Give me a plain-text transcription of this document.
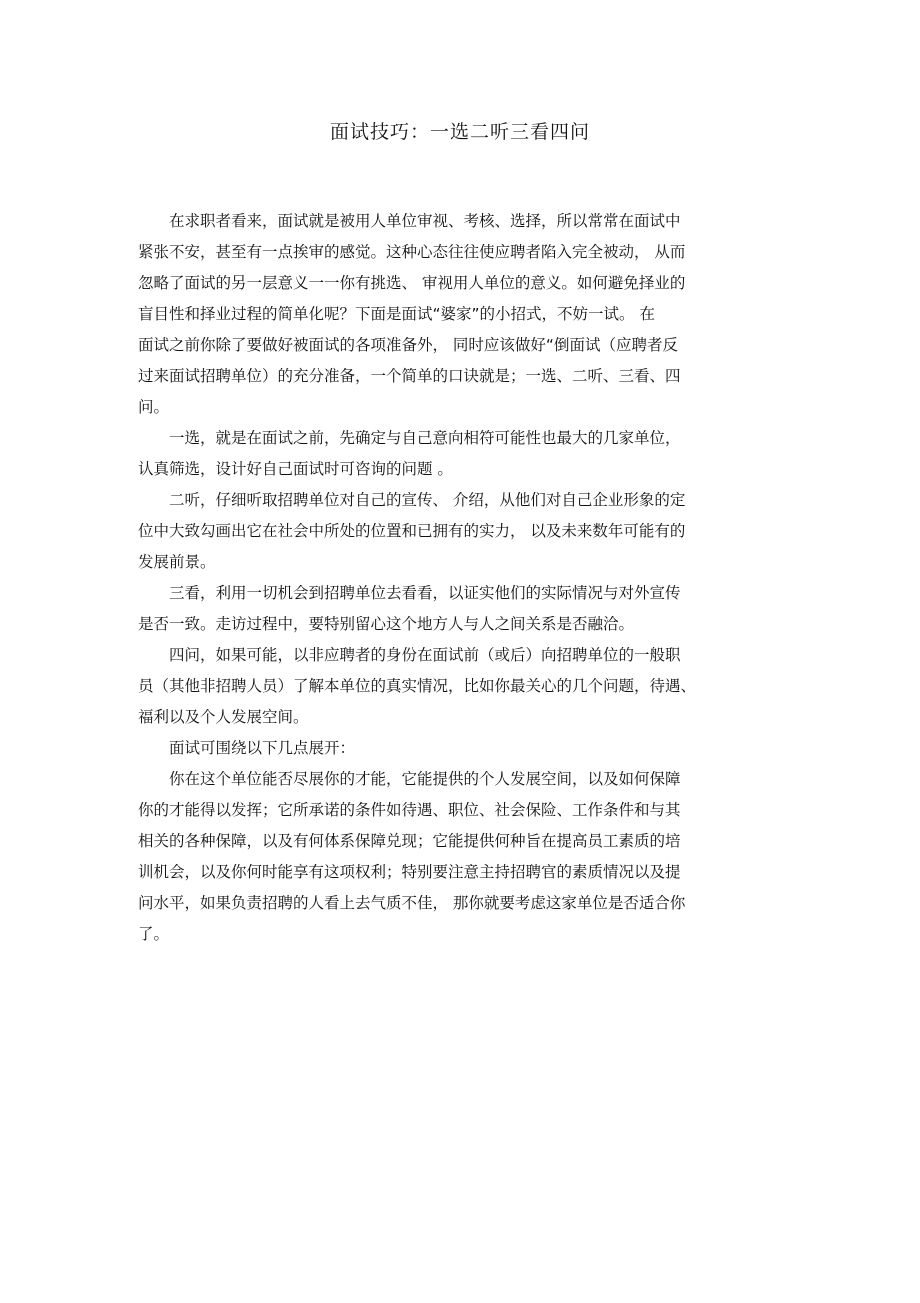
面试技巧：一选二听三看四问

在求职者看来，面试就是被用人单位审视、考核、选择，所以常常在面试中
紧张不安，甚至有一点挨审的感觉。这种心态往往使应聘者陷入完全被动， 从而
忽略了面试的另一层意义一一你有挑选、 审视用人单位的意义。如何避免择业的
盲目性和择业过程的简单化呢？下面是面试“婆家”的小招式，不妨一试。 在
面试之前你除了要做好被面试的各项准备外， 同时应该做好“倒面试（应聘者反
过来面试招聘单位）的充分准备，一个简单的口诀就是；一选、二听、三看、四
问。

一选，就是在面试之前，先确定与自己意向相符可能性也最大的几家单位，
认真筛选，设计好自己面试时可咨询的问题 。

二听，仔细听取招聘单位对自己的宣传、 介绍，从他们对自己企业形象的定
位中大致勾画出它在社会中所处的位置和已拥有的实力， 以及未来数年可能有的
发展前景。

三看，利用一切机会到招聘单位去看看，以证实他们的实际情况与对外宣传
是否一致。走访过程中，要特别留心这个地方人与人之间关系是否融洽。

四问，如果可能，以非应聘者的身份在面试前（或后）向招聘单位的一般职
员（其他非招聘人员）了解本单位的真实情况，比如你最关心的几个问题，待遇、
福利以及个人发展空间。

面试可围绕以下几点展开：

你在这个单位能否尽展你的才能，它能提供的个人发展空间，以及如何保障
你的才能得以发挥；它所承诺的条件如待遇、职位、社会保险、工作条件和与其
相关的各种保障，以及有何体系保障兑现；它能提供何种旨在提高员工素质的培
训机会，以及你何时能享有这项权利；特别要注意主持招聘官的素质情况以及提
问水平，如果负责招聘的人看上去气质不佳， 那你就要考虑这家单位是否适合你
了。
